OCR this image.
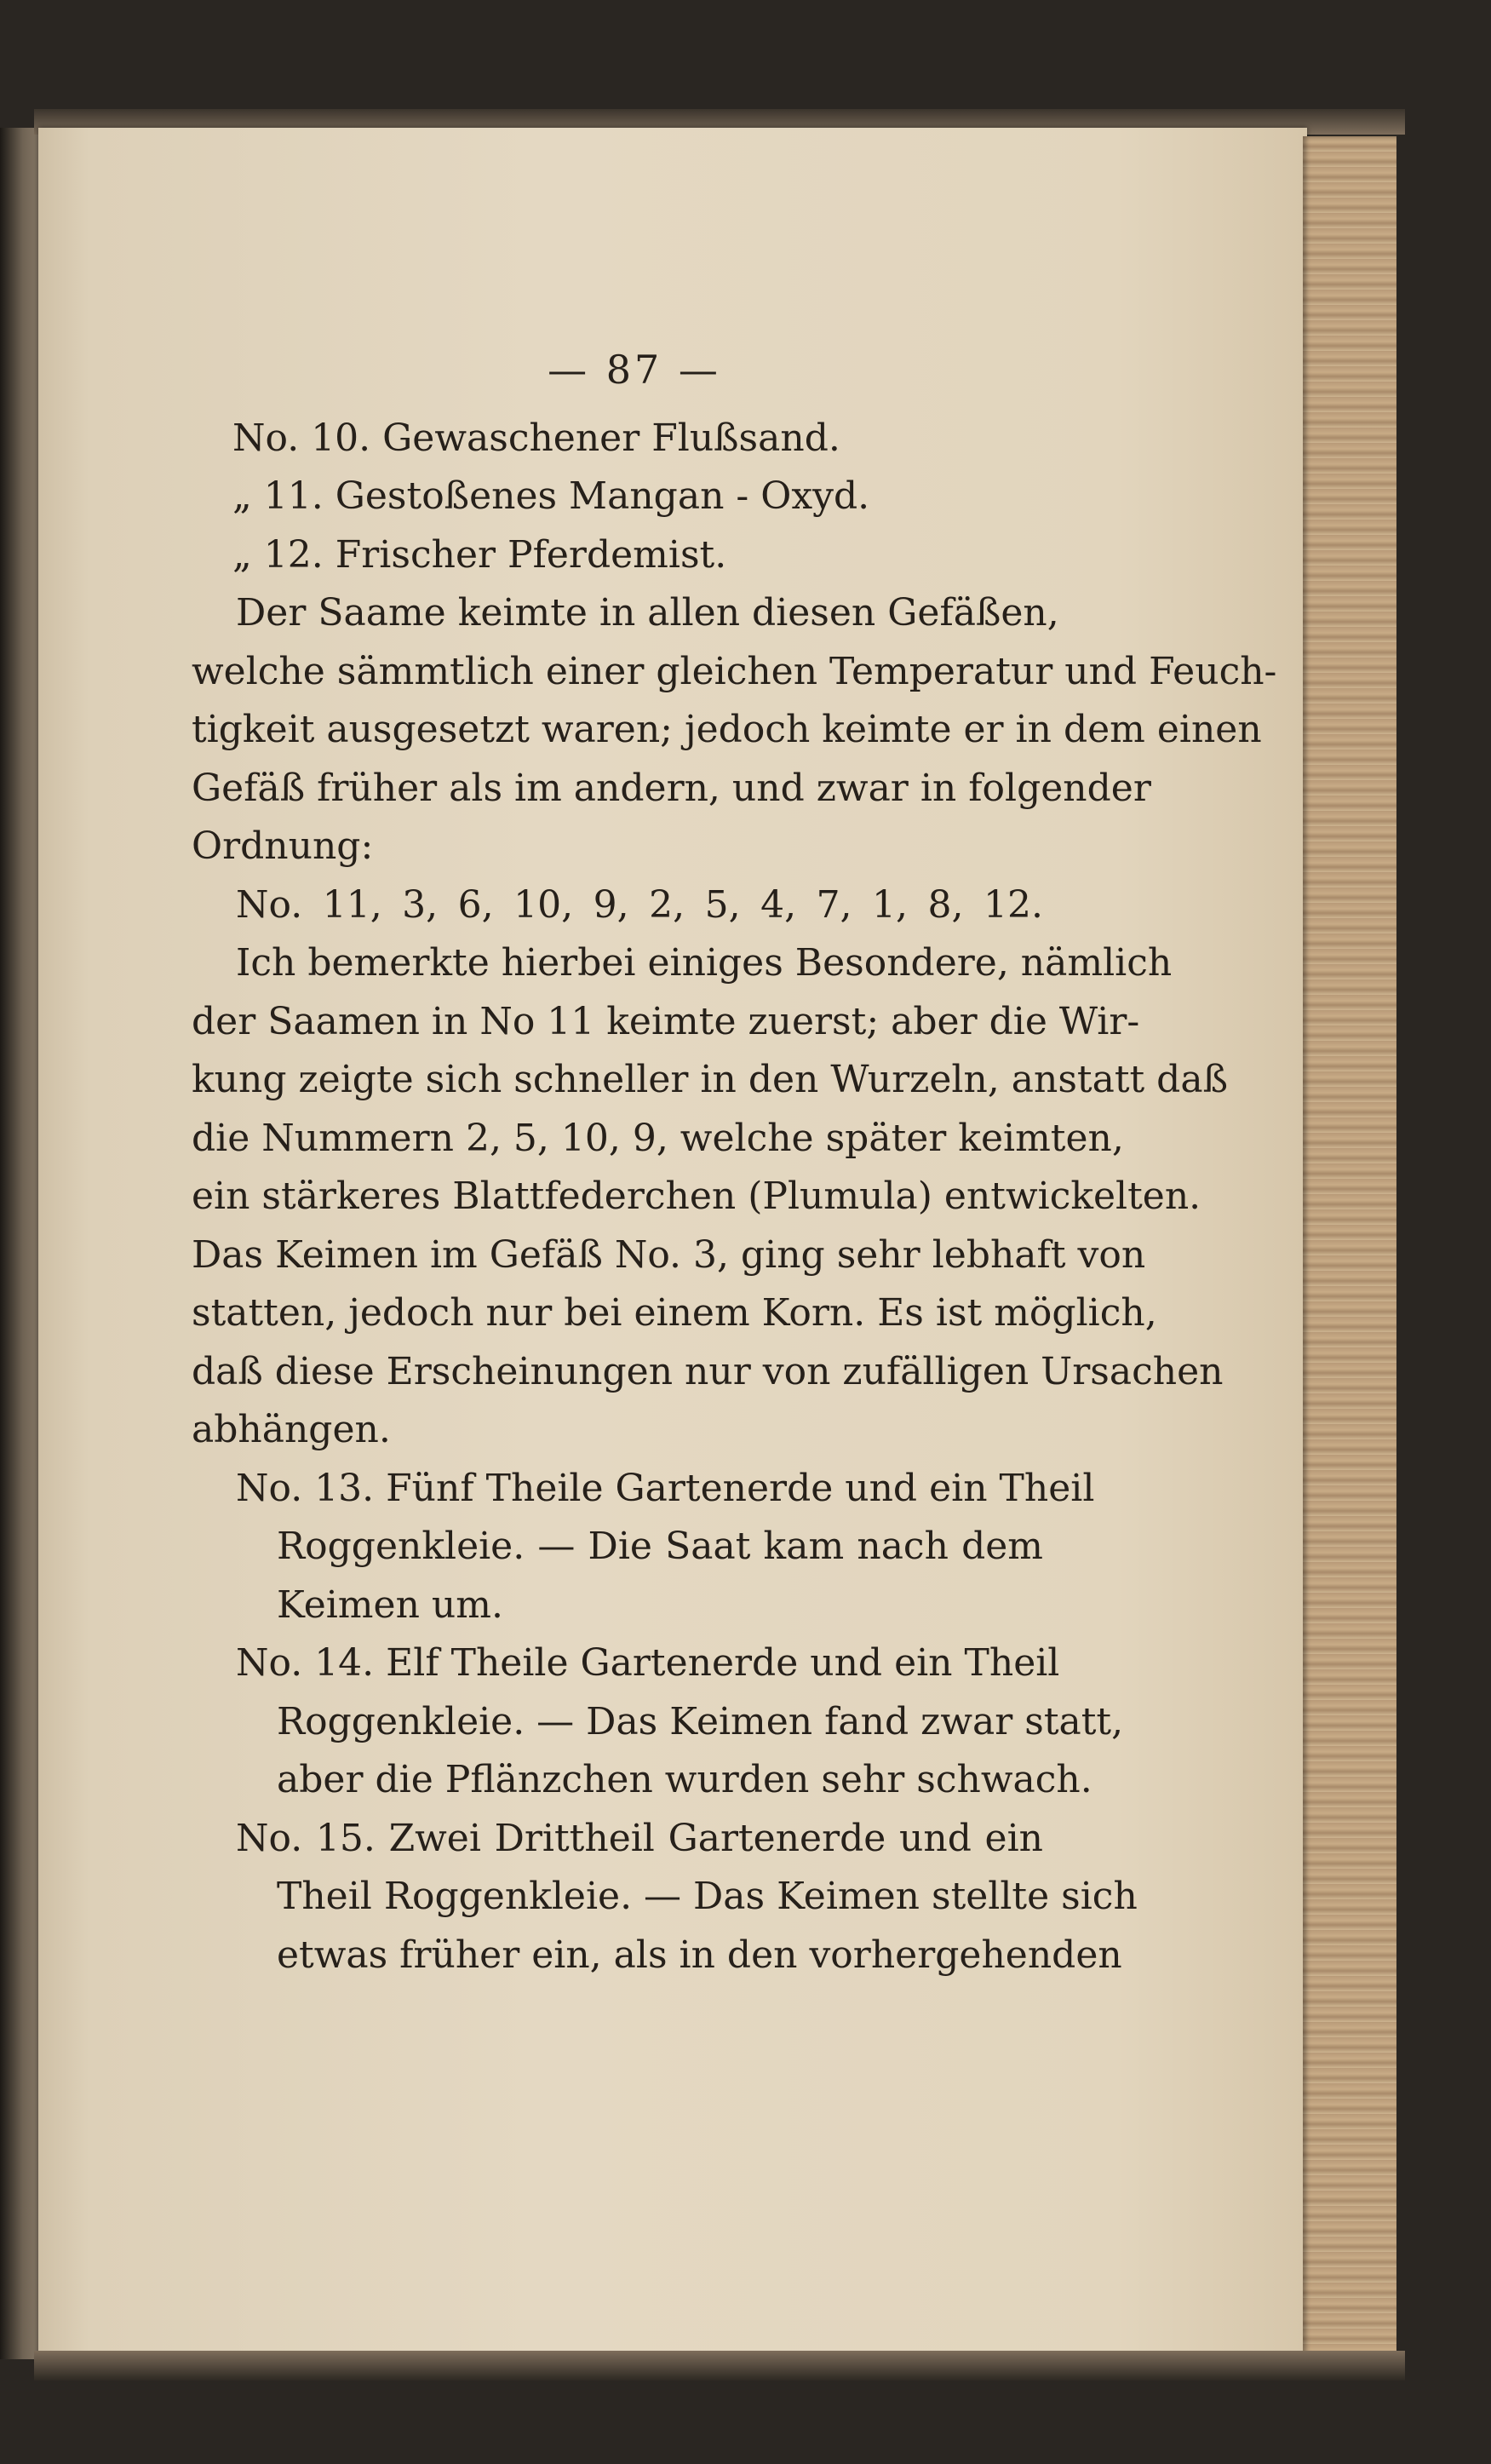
— 87 —
No. 10. Gewaschener Flußsand.
„ 11. Gestoßenes Mangan - Oxyd.
„ 12. Frischer Pferdemist.
Der Saame keimte in allen diesen Gefäßen,
welche sämmtlich einer gleichen Temperatur und Feuch-
tigkeit ausgesetzt waren; jedoch keimte er in dem einen
Gefäß früher als im andern, und zwar in folgender
Ordnung:
No. 11, 3, 6, 10, 9, 2, 5, 4, 7, 1, 8, 12.
Ich bemerkte hierbei einiges Besondere, nämlich
der Saamen in No 11 keimte zuerst; aber die Wir-
kung zeigte sich schneller in den Wurzeln, anstatt daß
die Nummern 2, 5, 10, 9, welche später keimten,
ein stärkeres Blattfederchen (Plumula) entwickelten.
Das Keimen im Gefäß No. 3, ging sehr lebhaft von
statten, jedoch nur bei einem Korn. Es ist möglich,
daß diese Erscheinungen nur von zufälligen Ursachen
abhängen.
No. 13. Fünf Theile Gartenerde und ein Theil
Roggenkleie. — Die Saat kam nach dem
Keimen um.
No. 14. Elf Theile Gartenerde und ein Theil
Roggenkleie. — Das Keimen fand zwar statt,
aber die Pflänzchen wurden sehr schwach.
No. 15. Zwei Drittheil Gartenerde und ein
Theil Roggenkleie. — Das Keimen stellte sich
etwas früher ein, als in den vorhergehenden
